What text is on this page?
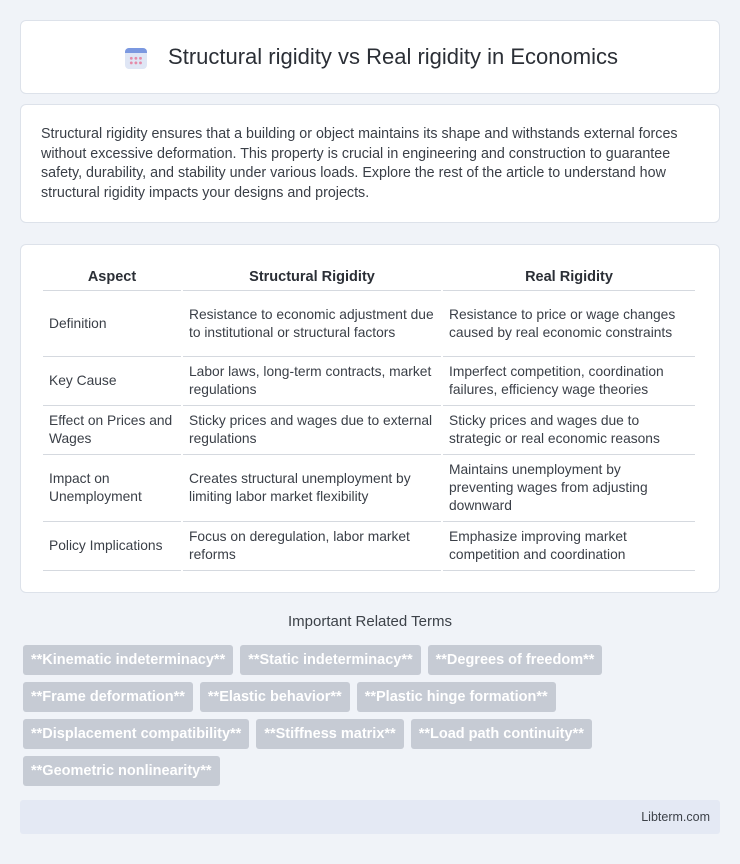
Structural rigidity vs Real rigidity in Economics

Structural rigidity ensures that a building or object maintains its shape and withstands external forces without excessive deformation. This property is crucial in engineering and construction to guarantee safety, durability, and stability under various loads. Explore the rest of the article to understand how structural rigidity impacts your designs and projects.

Aspect	Structural Rigidity	Real Rigidity
Definition	Resistance to economic adjustment due to institutional or structural factors	Resistance to price or wage changes caused by real economic constraints
Key Cause	Labor laws, long-term contracts, market regulations	Imperfect competition, coordination failures, efficiency wage theories
Effect on Prices and Wages	Sticky prices and wages due to external regulations	Sticky prices and wages due to strategic or real economic reasons
Impact on Unemployment	Creates structural unemployment by limiting labor market flexibility	Maintains unemployment by preventing wages from adjusting downward
Policy Implications	Focus on deregulation, labor market reforms	Emphasize improving market competition and coordination
Important Related Terms
**Kinematic indeterminacy**	**Static indeterminacy**	**Degrees of freedom**
**Frame deformation**	**Elastic behavior**	**Plastic hinge formation**
**Displacement compatibility**	**Stiffness matrix**	**Load path continuity**
**Geometric nonlinearity**
Libterm.com
